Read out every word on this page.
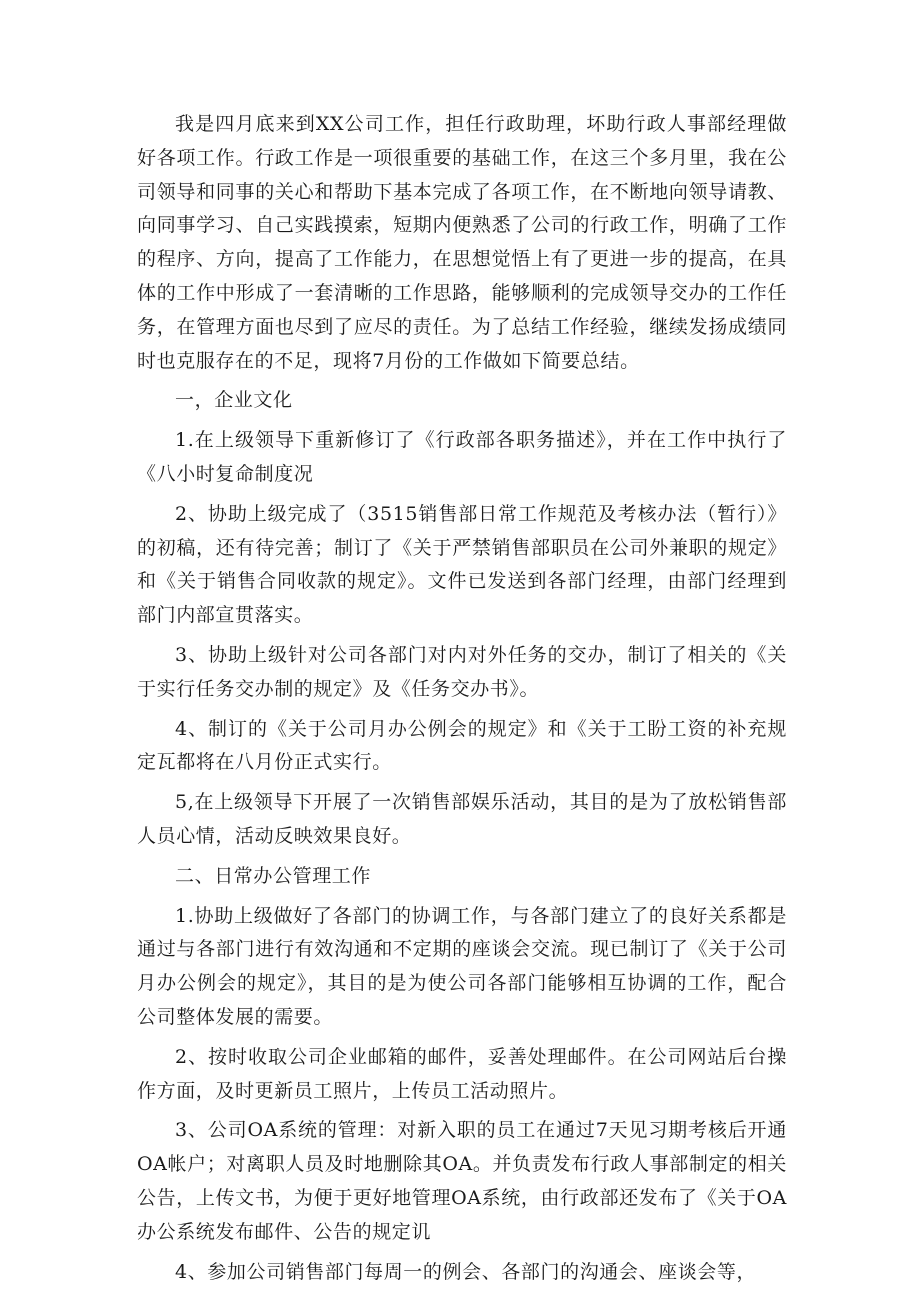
我是四月底来到XX公司工作，担任行政助理，坏助行政人事部经理做好各项工作。行政工作是一项很重要的基础工作，在这三个多月里，我在公司领导和同事的关心和帮助下基本完成了各项工作，在不断地向领导请教、向同事学习、自己实践摸索，短期内便熟悉了公司的行政工作，明确了工作的程序、方向，提高了工作能力，在思想觉悟上有了更进一步的提高，在具体的工作中形成了一套清晰的工作思路，能够顺利的完成领导交办的工作任务，在管理方面也尽到了应尽的责任。为了总结工作经验，继续发扬成绩同时也克服存在的不足，现将7月份的工作做如下简要总结。

一，企业文化

1.在上级领导下重新修订了《行政部各职务描述》，并在工作中执行了《八小时复命制度况

2、协助上级完成了（3515销售部日常工作规范及考核办法（暂行）》的初稿，还有待完善；制订了《关于严禁销售部职员在公司外兼职的规定》和《关于销售合同收款的规定》。文件已发送到各部门经理，由部门经理到部门内部宣贯落实。

3、协助上级针对公司各部门对内对外任务的交办，制订了相关的《关于实行任务交办制的规定》及《任务交办书》。

4、制订的《关于公司月办公例会的规定》和《关于工盼工资的补充规定瓦都将在八月份正式实行。

5,在上级领导下开展了一次销售部娱乐活动，其目的是为了放松销售部人员心情，活动反映效果良好。

二、日常办公管理工作

1.协助上级做好了各部门的协调工作，与各部门建立了的良好关系都是通过与各部门进行有效沟通和不定期的座谈会交流。现已制订了《关于公司月办公例会的规定》，其目的是为使公司各部门能够相互协调的工作，配合公司整体发展的需要。

2、按时收取公司企业邮箱的邮件，妥善处理邮件。在公司网站后台操作方面，及时更新员工照片，上传员工活动照片。

3、公司OA系统的管理：对新入职的员工在通过7天见习期考核后开通OA帐户；对离职人员及时地删除其OA。并负责发布行政人事部制定的相关公告，上传文书，为便于更好地管理OA系统，由行政部还发布了《关于OA办公系统发布邮件、公告的规定讥

4、参加公司销售部门每周一的例会、各部门的沟通会、座谈会等，
